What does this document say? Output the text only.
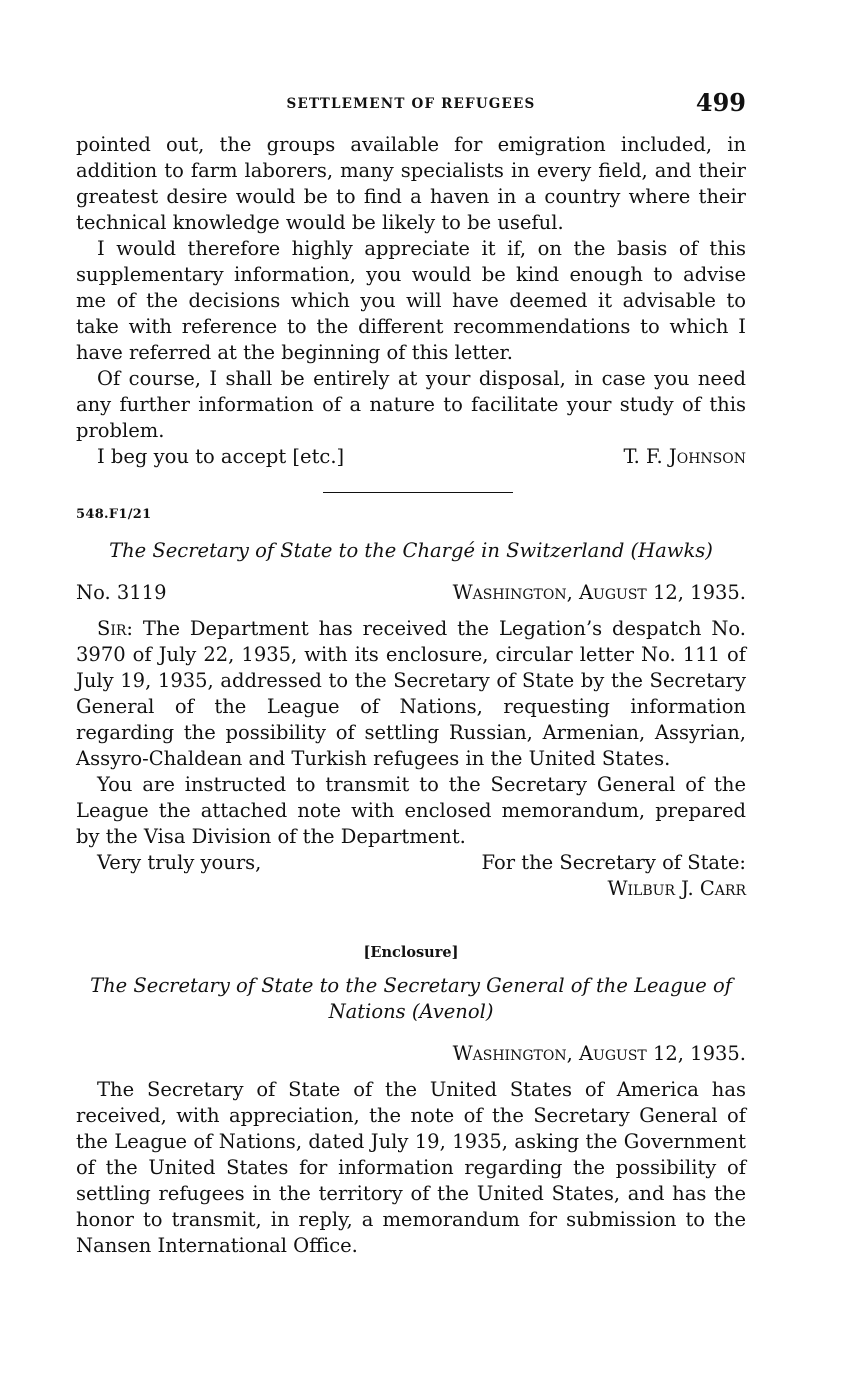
SETTLEMENT OF REFUGEES	499

pointed out, the groups available for emigration included, in addition to farm laborers, many specialists in every field, and their greatest desire would be to find a haven in a country where their technical knowledge would be likely to be useful.

I would therefore highly appreciate it if, on the basis of this supplementary information, you would be kind enough to advise me of the decisions which you will have deemed it advisable to take with reference to the different recommendations to which I have referred at the beginning of this letter.

Of course, I shall be entirely at your disposal, in case you need any further information of a nature to facilitate your study of this problem.

I beg you to accept [etc.]	T. F. Johnson
548.F1/21
The Secretary of State to the Chargé in Switzerland (Hawks)
No. 3119	Washington, August 12, 1935.

Sir: The Department has received the Legation’s despatch No. 3970 of July 22, 1935, with its enclosure, circular letter No. 111 of July 19, 1935, addressed to the Secretary of State by the Secretary General of the League of Nations, requesting information regarding the possibility of settling Russian, Armenian, Assyrian, Assyro-Chaldean and Turkish refugees in the United States.

You are instructed to transmit to the Secretary General of the League the attached note with enclosed memorandum, prepared by the Visa Division of the Department.

Very truly yours,	For the Secretary of State:
Wilbur J. Carr
[Enclosure]
The Secretary of State to the Secretary General of the League of Nations (Avenol)
Washington, August 12, 1935.

The Secretary of State of the United States of America has received, with appreciation, the note of the Secretary General of the League of Nations, dated July 19, 1935, asking the Government of the United States for information regarding the possibility of settling refugees in the territory of the United States, and has the honor to transmit, in reply, a memorandum for submission to the Nansen International Office.
